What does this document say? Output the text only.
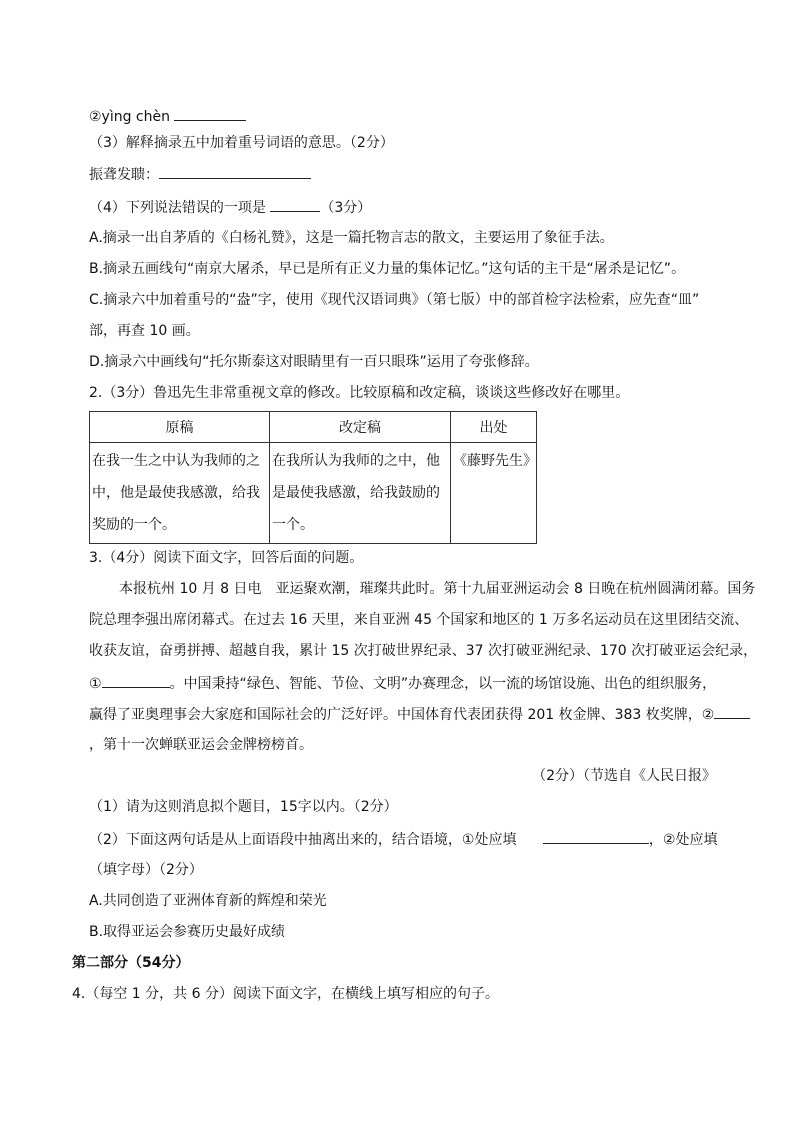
②yìng chèn
（3）解释摘录五中加着重号词语的意思。（2分）
振聋发聩：
（4）下列说法错误的一项是	（3分）
A.摘录一出自茅盾的《白杨礼赞》，这是一篇托物言志的散文，主要运用了象征手法。
B.摘录五画线句“南京大屠杀，早已是所有正义力量的集体记忆。”这句话的主干是“屠杀是记忆”。
C.摘录六中加着重号的“盎”字，使用《现代汉语词典》（第七版）中的部首检字法检索，应先查“皿”
部，再查 10 画。
D.摘录六中画线句“托尔斯泰这对眼睛里有一百只眼珠”运用了夸张修辞。
2.（3分）鲁迅先生非常重视文章的修改。比较原稿和改定稿，谈谈这些修改好在哪里。
原稿	改定稿	出处

在我一生之中认为我师的之中，他是最使我感激，给我奖励的一个。	在我所认为我师的之中，他是最使我感激，给我鼓励的一个。	《藤野先生》
3.（4分）阅读下面文字，回答后面的问题。
本报杭州 10 月 8 日电　亚运聚欢潮，璀璨共此时。第十九届亚洲运动会 8 日晚在杭州圆满闭幕。国务
院总理李强出席闭幕式。在过去 16 天里，来自亚洲 45 个国家和地区的 1 万多名运动员在这里团结交流、
收获友谊，奋勇拼搏、超越自我，累计 15 次打破世界纪录、37 次打破亚洲纪录、170 次打破亚运会纪录，
①	。中国秉持“绿色、智能、节俭、文明”办赛理念，以一流的场馆设施、出色的组织服务，
赢得了亚奥理事会大家庭和国际社会的广泛好评。中国体育代表团获得 201 枚金牌、383 枚奖牌，②
，第十一次蝉联亚运会金牌榜榜首。
（2分）（节选自《人民日报》
（1）请为这则消息拟个题目，15字以内。（2分）
（2）下面这两句话是从上面语段中抽离出来的，结合语境，①处应填	，②处应填
（填字母）（2分）
A.共同创造了亚洲体育新的辉煌和荣光
B.取得亚运会参赛历史最好成绩
第二部分（54分）
4.（每空 1 分，共 6 分）阅读下面文字，在横线上填写相应的句子。
